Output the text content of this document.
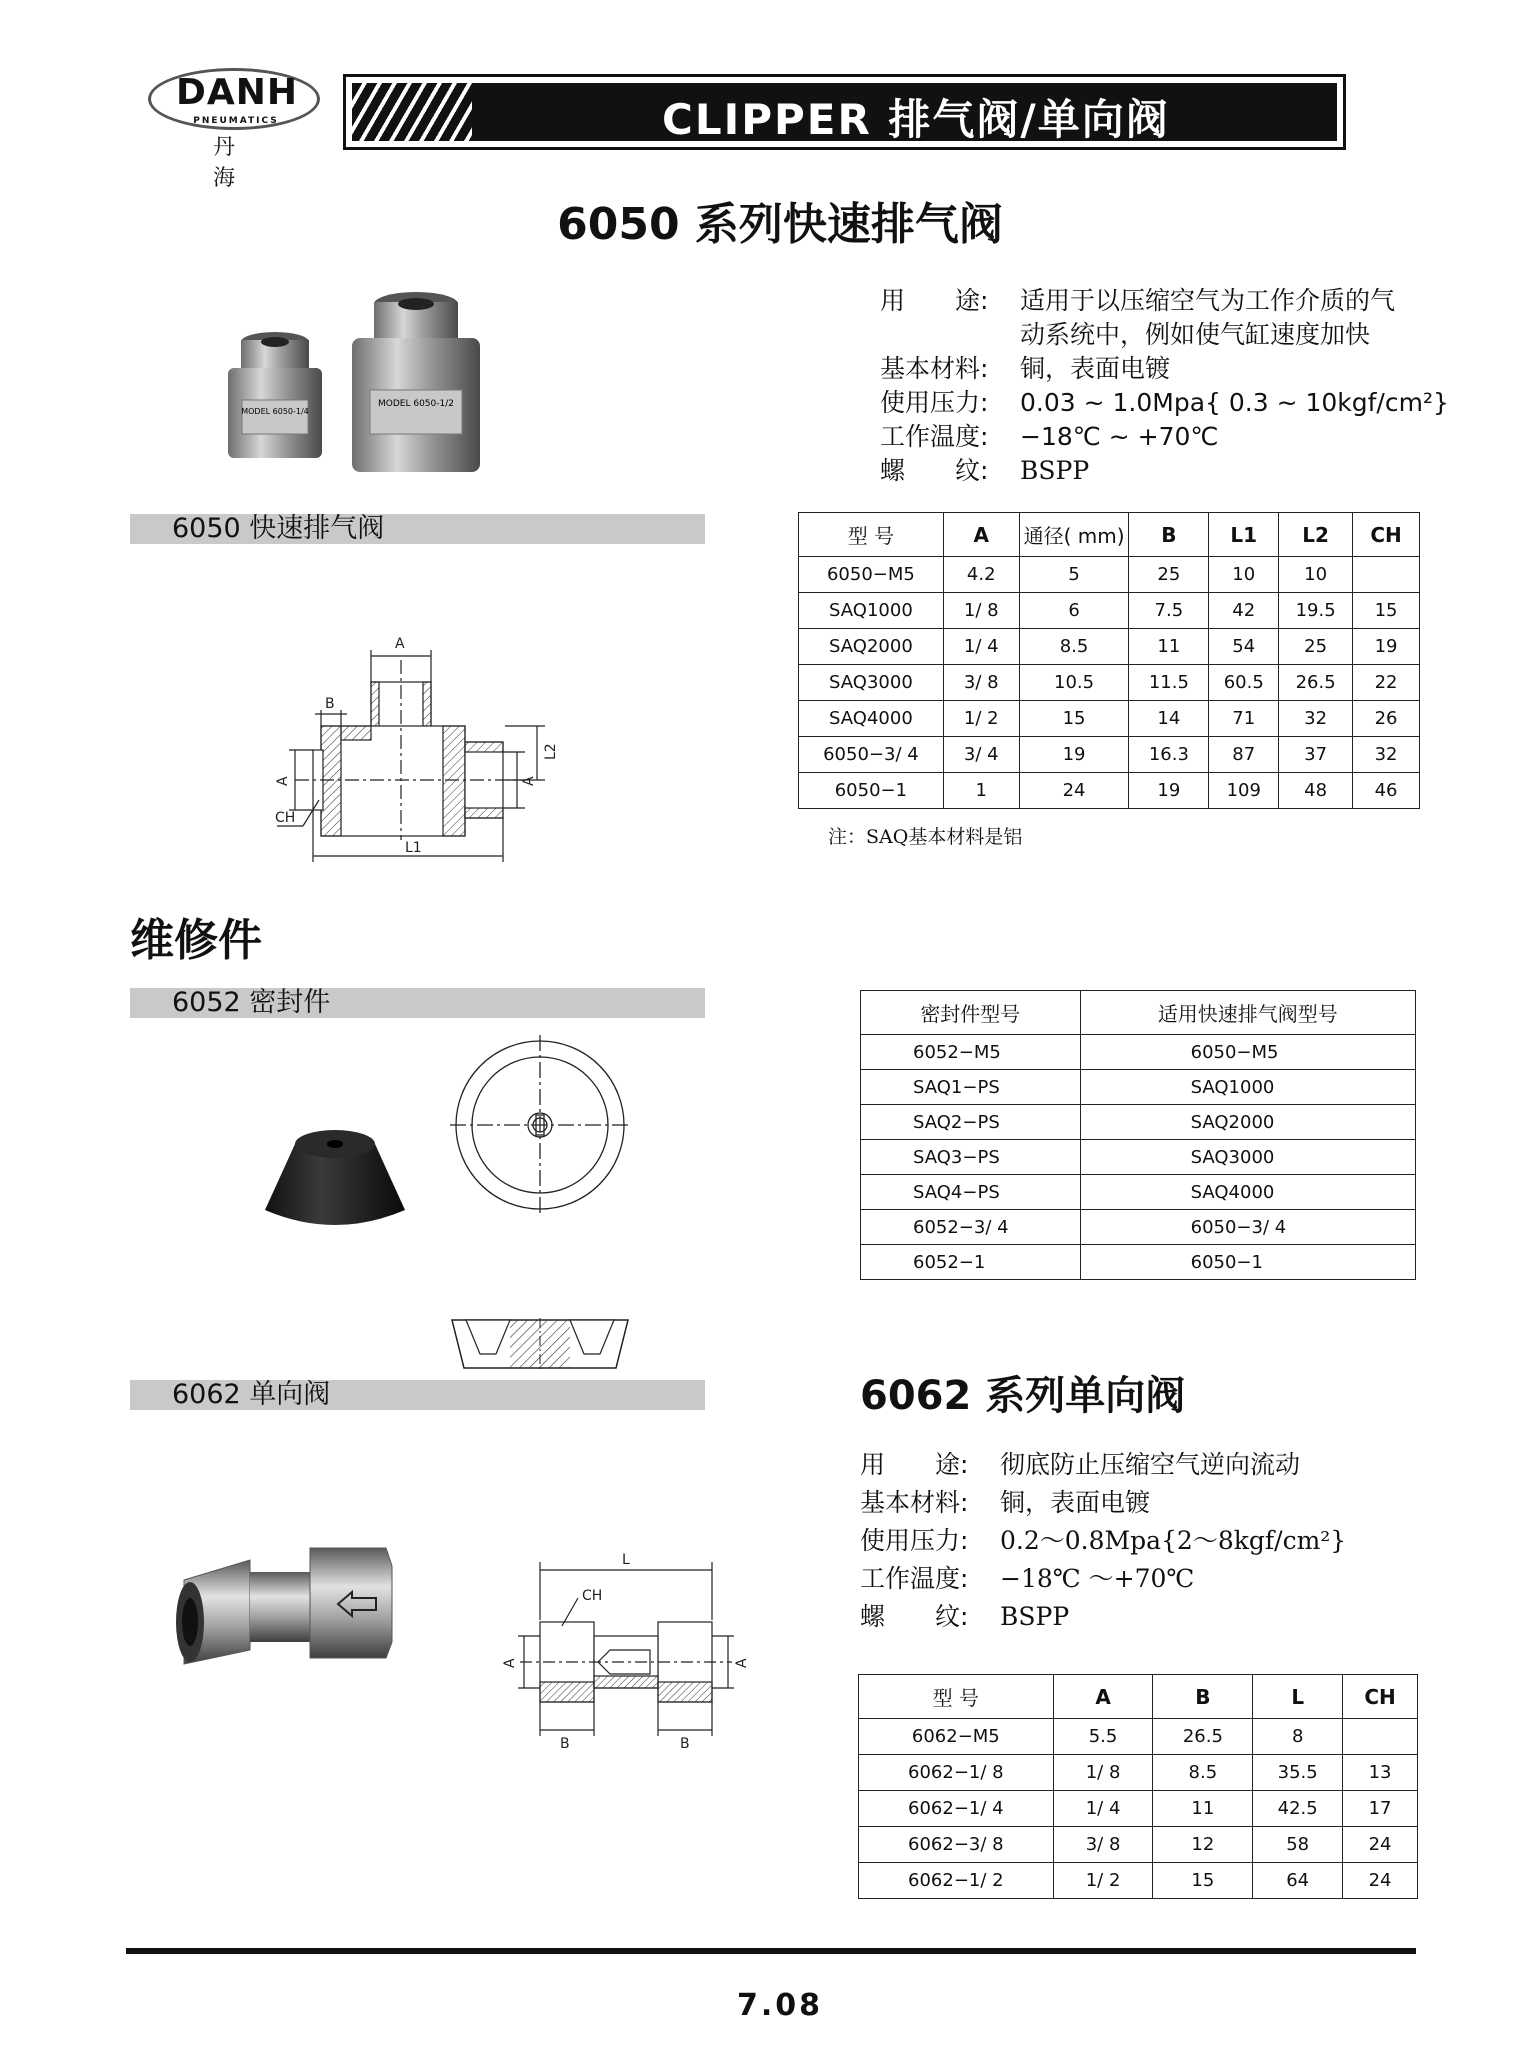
DANH
PNEUMATICS
丹 海
CLIPPER 排气阀/单向阀
6050 系列快速排气阀
MODEL 6050-1/4
MODEL 6050-1/2
6050 快速排气阀
用　　途: 适用于以压缩空气为工作介质的气
动系统中，例如使气缸速度加快
基本材料: 铜，表面电镀
使用压力: 0.03 ~ 1.0Mpa{ 0.3 ~ 10kgf/cm²}
工作温度: −18℃ ~ +70℃
螺　　纹: BSPP
型 号	A	通径( mm)	B	L1	L2	CH
6050−M5	4.2	5	25	10	10	
SAQ1000	1/ 8	6	7.5	42	19.5	15
SAQ2000	1/ 4	8.5	11	54	25	19
SAQ3000	3/ 8	10.5	11.5	60.5	26.5	22
SAQ4000	1/ 2	15	14	71	32	26
6050−3/ 4	3/ 4	19	16.3	87	37	32
6050−1	1	24	19	109	48	46
注：SAQ基本材料是铝
A
B
L2
A	A
CH
L1
维修件
6052 密封件	密封件型号	适用快速排气阀型号
6052−M5	6050−M5
SAQ1−PS	SAQ1000
SAQ2−PS	SAQ2000
SAQ3−PS	SAQ3000
SAQ4−PS	SAQ4000
6052−3/ 4	6050−3/ 4
6052−1	6050−1
6062 单向阀
L
CH
A	A
B	B
6062 系列单向阀
用　　途: 彻底防止压缩空气逆向流动
基本材料: 铜，表面电镀
使用压力: 0.2～0.8Mpa{2～8kgf/cm²}
工作温度: −18℃ ～+70℃
螺　　纹: BSPP
型 号	A	B	L	CH
6062−M5	5.5	26.5	8	
6062−1/ 8	1/ 8	8.5	35.5	13
6062−1/ 4	1/ 4	11	42.5	17
6062−3/ 8	3/ 8	12	58	24
6062−1/ 2	1/ 2	15	64	24
7.08
